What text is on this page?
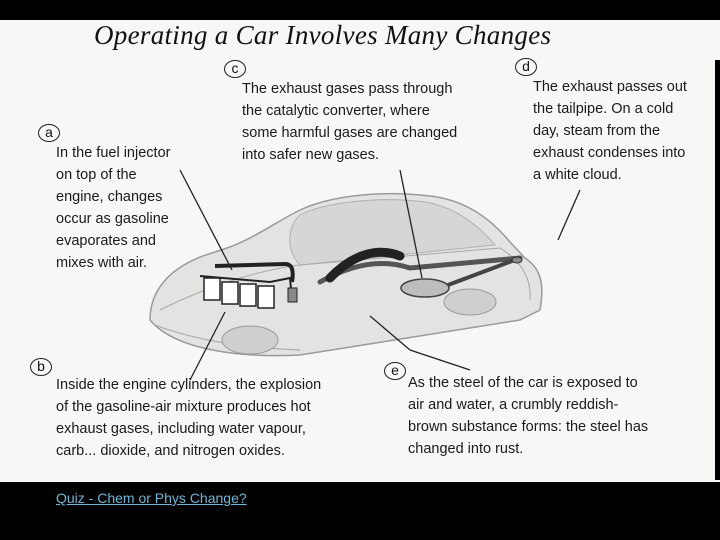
Operating a Car Involves Many Changes
c	d
a
b	e
The exhaust gases pass through
the catalytic converter, where
some harmful gases are changed
into safer new gases.
The exhaust passes out
the tailpipe. On a cold
day, steam from the
exhaust condenses into
a white cloud.
In the fuel injector
on top of the
engine, changes
occur as gasoline
evaporates and
mixes with air.
Inside the engine cylinders, the explosion
of the gasoline-air mixture produces hot
exhaust gases, including water vapour,
carb... dioxide, and nitrogen oxides.
As the steel of the car is exposed to
air and water, a crumbly reddish-
brown substance forms: the steel has
changed into rust.
Quiz - Chem or Phys Change?
